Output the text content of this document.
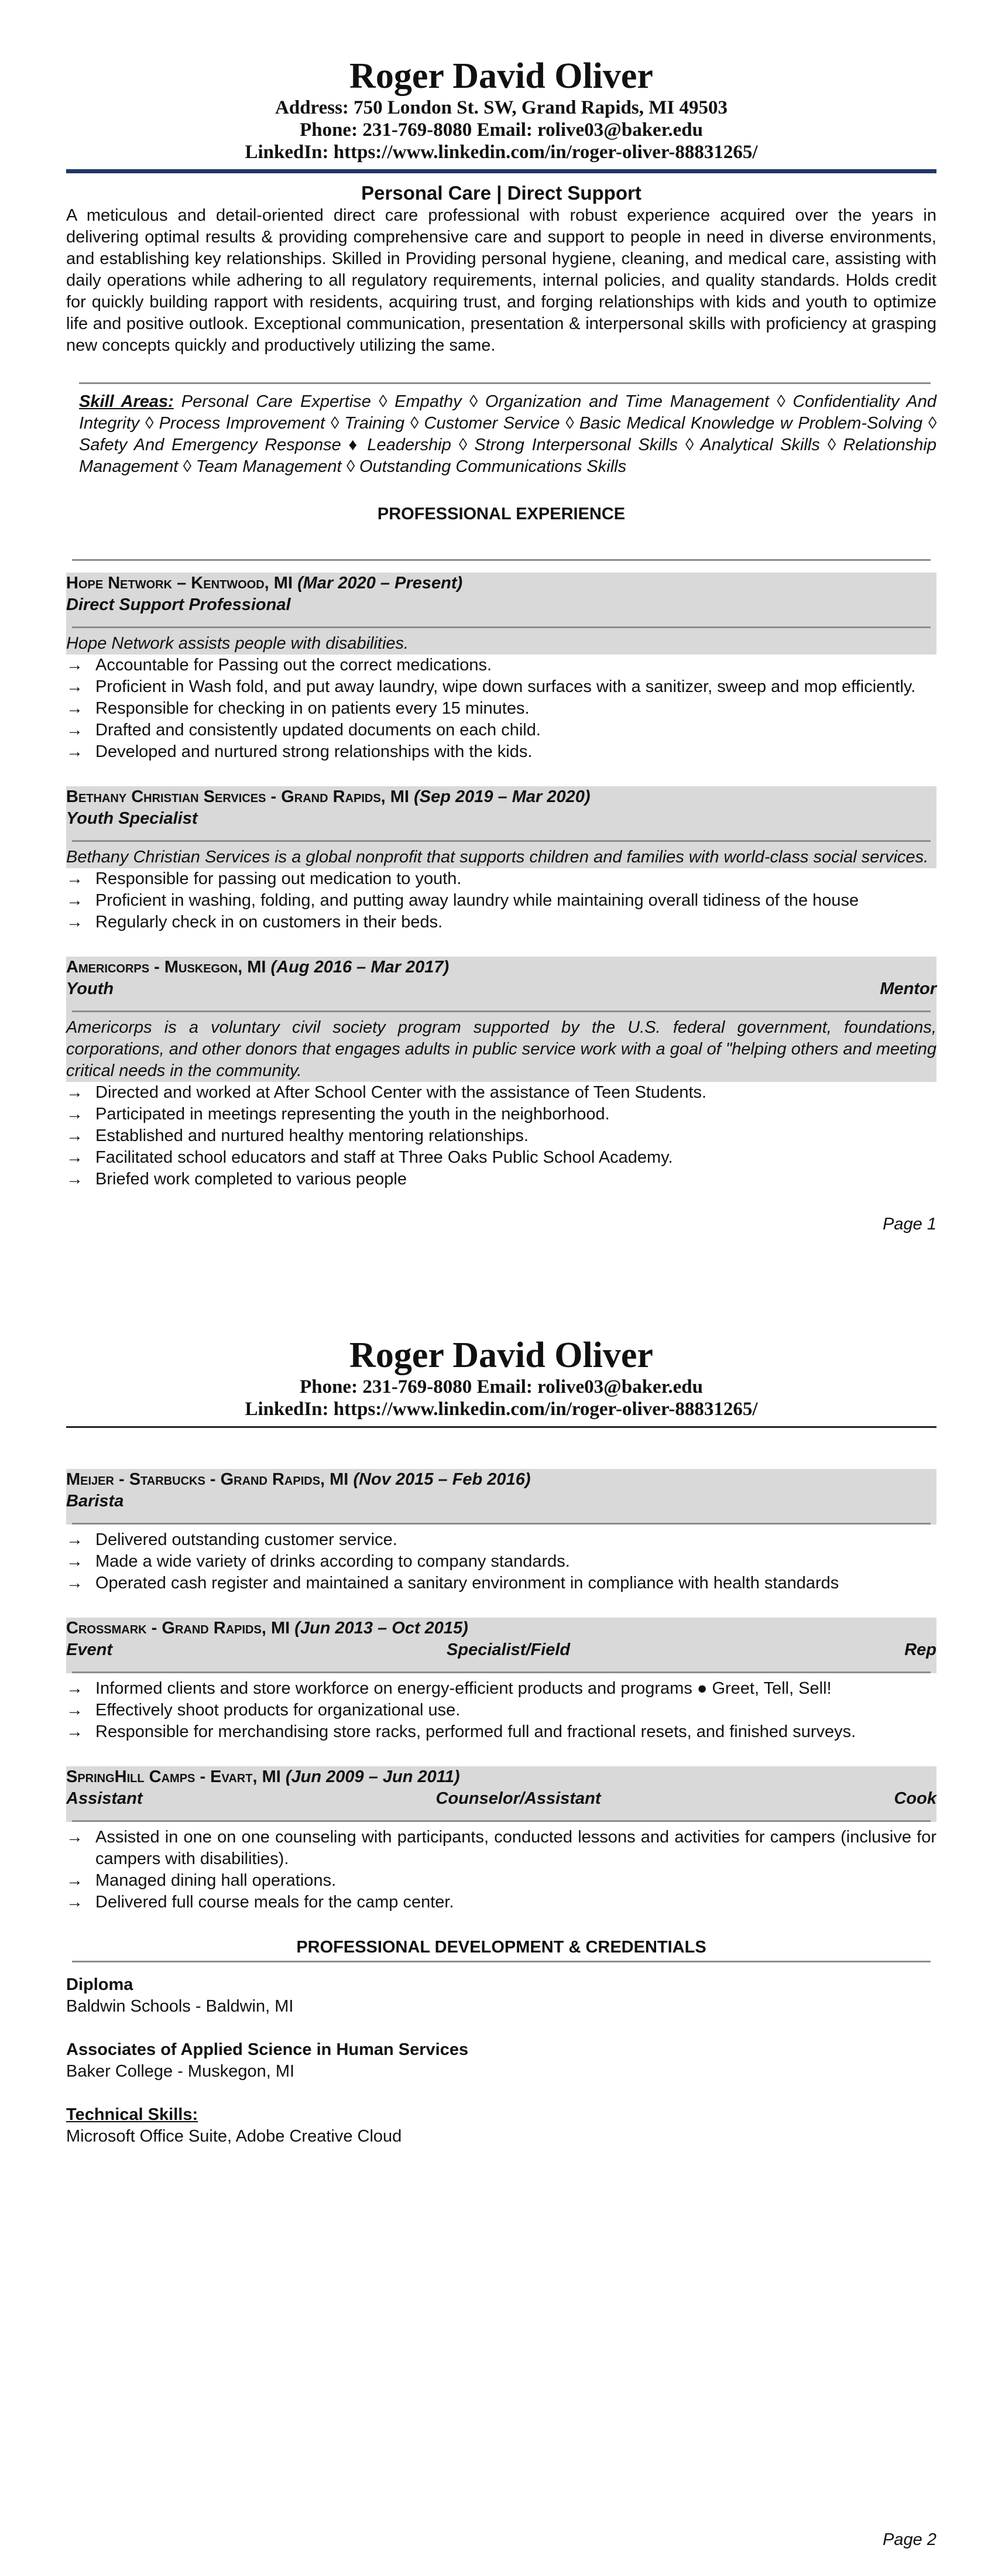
Roger David Oliver
Address: 750 London St. SW, Grand Rapids, MI 49503
Phone: 231-769-8080 Email: rolive03@baker.edu
LinkedIn: https://www.linkedin.com/in/roger-oliver-88831265/
Personal Care | Direct Support
A meticulous and detail-oriented direct care professional with robust experience acquired over the years in delivering optimal results & providing comprehensive care and support to people in need in diverse environments, and establishing key relationships. Skilled in Providing personal hygiene, cleaning, and medical care, assisting with daily operations while adhering to all regulatory requirements, internal policies, and quality standards. Holds credit for quickly building rapport with residents, acquiring trust, and forging relationships with kids and youth to optimize life and positive outlook. Exceptional communication, presentation & interpersonal skills with proficiency at grasping new concepts quickly and productively utilizing the same.

Skill Areas: Personal Care Expertise ◊ Empathy ◊ Organization and Time Management ◊ Confidentiality And Integrity ◊ Process Improvement ◊ Training ◊ Customer Service ◊ Basic Medical Knowledge w Problem-Solving ◊ Safety And Emergency Response ♦ Leadership ◊ Strong Interpersonal Skills ◊ Analytical Skills ◊ Relationship Management ◊ Team Management ◊ Outstanding Communications Skills

PROFESSIONAL EXPERIENCE
Hope Network – Kentwood, MI (Mar 2020 – Present)
Direct Support Professional
Hope Network assists people with disabilities.
→ Accountable for Passing out the correct medications.
→ Proficient in Wash fold, and put away laundry, wipe down surfaces with a sanitizer, sweep and mop efficiently.
→ Responsible for checking in on patients every 15 minutes.
→ Drafted and consistently updated documents on each child.
→ Developed and nurtured strong relationships with the kids.
Bethany Christian Services - Grand Rapids, MI (Sep 2019 – Mar 2020)
Youth Specialist
Bethany Christian Services is a global nonprofit that supports children and families with world-class social services.
→ Responsible for passing out medication to youth.
→ Proficient in washing, folding, and putting away laundry while maintaining overall tidiness of the house
→ Regularly check in on customers in their beds.
Americorps - Muskegon, MI (Aug 2016 – Mar 2017)
Youth	Mentor
Americorps is a voluntary civil society program supported by the U.S. federal government, foundations, corporations, and other donors that engages adults in public service work with a goal of "helping others and meeting critical needs in the community.
→ Directed and worked at After School Center with the assistance of Teen Students.
→ Participated in meetings representing the youth in the neighborhood.
→ Established and nurtured healthy mentoring relationships.
→ Facilitated school educators and staff at Three Oaks Public School Academy.
→ Briefed work completed to various people
Page 1
Roger David Oliver
Phone: 231-769-8080 Email: rolive03@baker.edu
LinkedIn: https://www.linkedin.com/in/roger-oliver-88831265/
Meijer - Starbucks - Grand Rapids, MI (Nov 2015 – Feb 2016)
Barista
→ Delivered outstanding customer service.
→ Made a wide variety of drinks according to company standards.
→ Operated cash register and maintained a sanitary environment in compliance with health standards
Crossmark - Grand Rapids, MI (Jun 2013 – Oct 2015)
Event	Specialist/Field	Rep
→ Informed clients and store workforce on energy-efficient products and programs ● Greet, Tell, Sell!
→ Effectively shoot products for organizational use.
→ Responsible for merchandising store racks, performed full and fractional resets, and finished surveys.
SpringHill Camps - Evart, MI (Jun 2009 – Jun 2011)
Assistant	Counselor/Assistant	Cook
→ Assisted in one on one counseling with participants, conducted lessons and activities for campers (inclusive for campers with disabilities).
→ Managed dining hall operations.
→ Delivered full course meals for the camp center.
PROFESSIONAL DEVELOPMENT & CREDENTIALS
Diploma
Baldwin Schools - Baldwin, MI
Associates of Applied Science in Human Services
Baker College - Muskegon, MI
Technical Skills:
Microsoft Office Suite, Adobe Creative Cloud
Page 2
